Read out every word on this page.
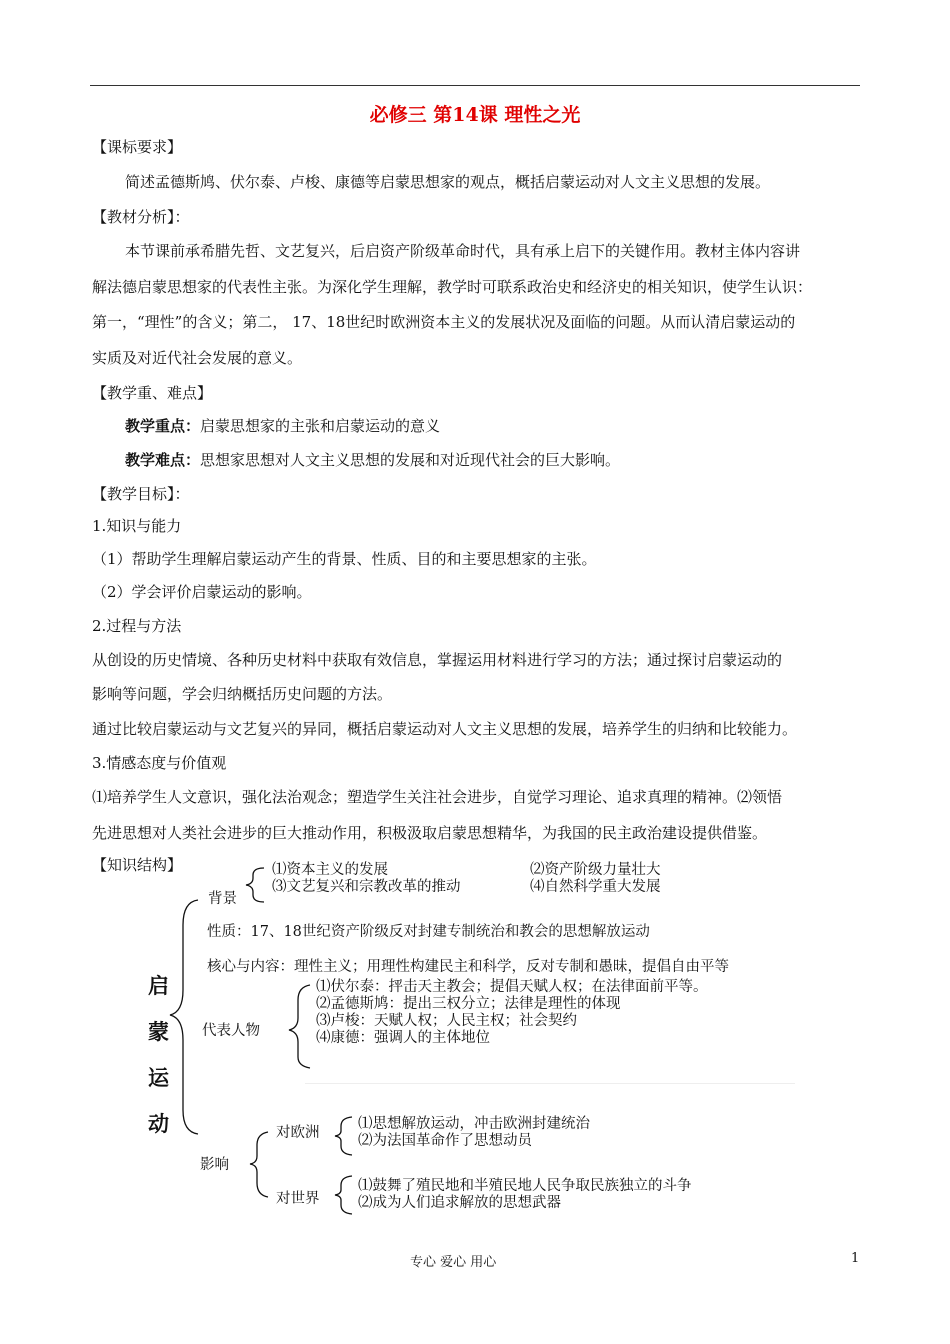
必修三 第14课 理性之光
【课标要求】
简述孟德斯鸠、伏尔泰、卢梭、康德等启蒙思想家的观点，概括启蒙运动对人文主义思想的发展。
【教材分析】：
本节课前承希腊先哲、文艺复兴，后启资产阶级革命时代，具有承上启下的关键作用。教材主体内容讲
解法德启蒙思想家的代表性主张。为深化学生理解，教学时可联系政治史和经济史的相关知识，使学生认识：
第一，“理性”的含义；第二， 17、18世纪时欧洲资本主义的发展状况及面临的问题。从而认清启蒙运动的
实质及对近代社会发展的意义。
【教学重、难点】
教学重点：启蒙思想家的主张和启蒙运动的意义
教学难点：思想家思想对人文主义思想的发展和对近现代社会的巨大影响。
【教学目标】：
1.知识与能力
（1）帮助学生理解启蒙运动产生的背景、性质、目的和主要思想家的主张。
（2）学会评价启蒙运动的影响。
2.过程与方法
从创设的历史情境、各种历史材料中获取有效信息，掌握运用材料进行学习的方法；通过探讨启蒙运动的
影响等问题，学会归纳概括历史问题的方法。
通过比较启蒙运动与文艺复兴的异同，概括启蒙运动对人文主义思想的发展，培养学生的归纳和比较能力。
3.情感态度与价值观
⑴培养学生人文意识，强化法治观念；塑造学生关注社会进步，自觉学习理论、追求真理的精神。⑵领悟
先进思想对人类社会进步的巨大推动作用，积极汲取启蒙思想精华，为我国的民主政治建设提供借鉴。
【知识结构】
背景
⑴资本主义的发展	⑵资产阶级力量壮大
⑶文艺复兴和宗教改革的推动	⑷自然科学重大发展
性质：17、18世纪资产阶级反对封建专制统治和教会的思想解放运动
核心与内容：理性主义；用理性构建民主和科学，反对专制和愚昧，提倡自由平等
启
蒙
运
动
代表人物
⑴伏尔泰：抨击天主教会；提倡天赋人权；在法律面前平等。
⑵孟德斯鸠：提出三权分立；法律是理性的体现
⑶卢梭：天赋人权；人民主权；社会契约
⑷康德：强调人的主体地位
影响
对欧洲
⑴思想解放运动，冲击欧洲封建统治
⑵为法国革命作了思想动员
对世界
⑴鼓舞了殖民地和半殖民地人民争取民族独立的斗争
⑵成为人们追求解放的思想武器
专心 爱心 用心	1
